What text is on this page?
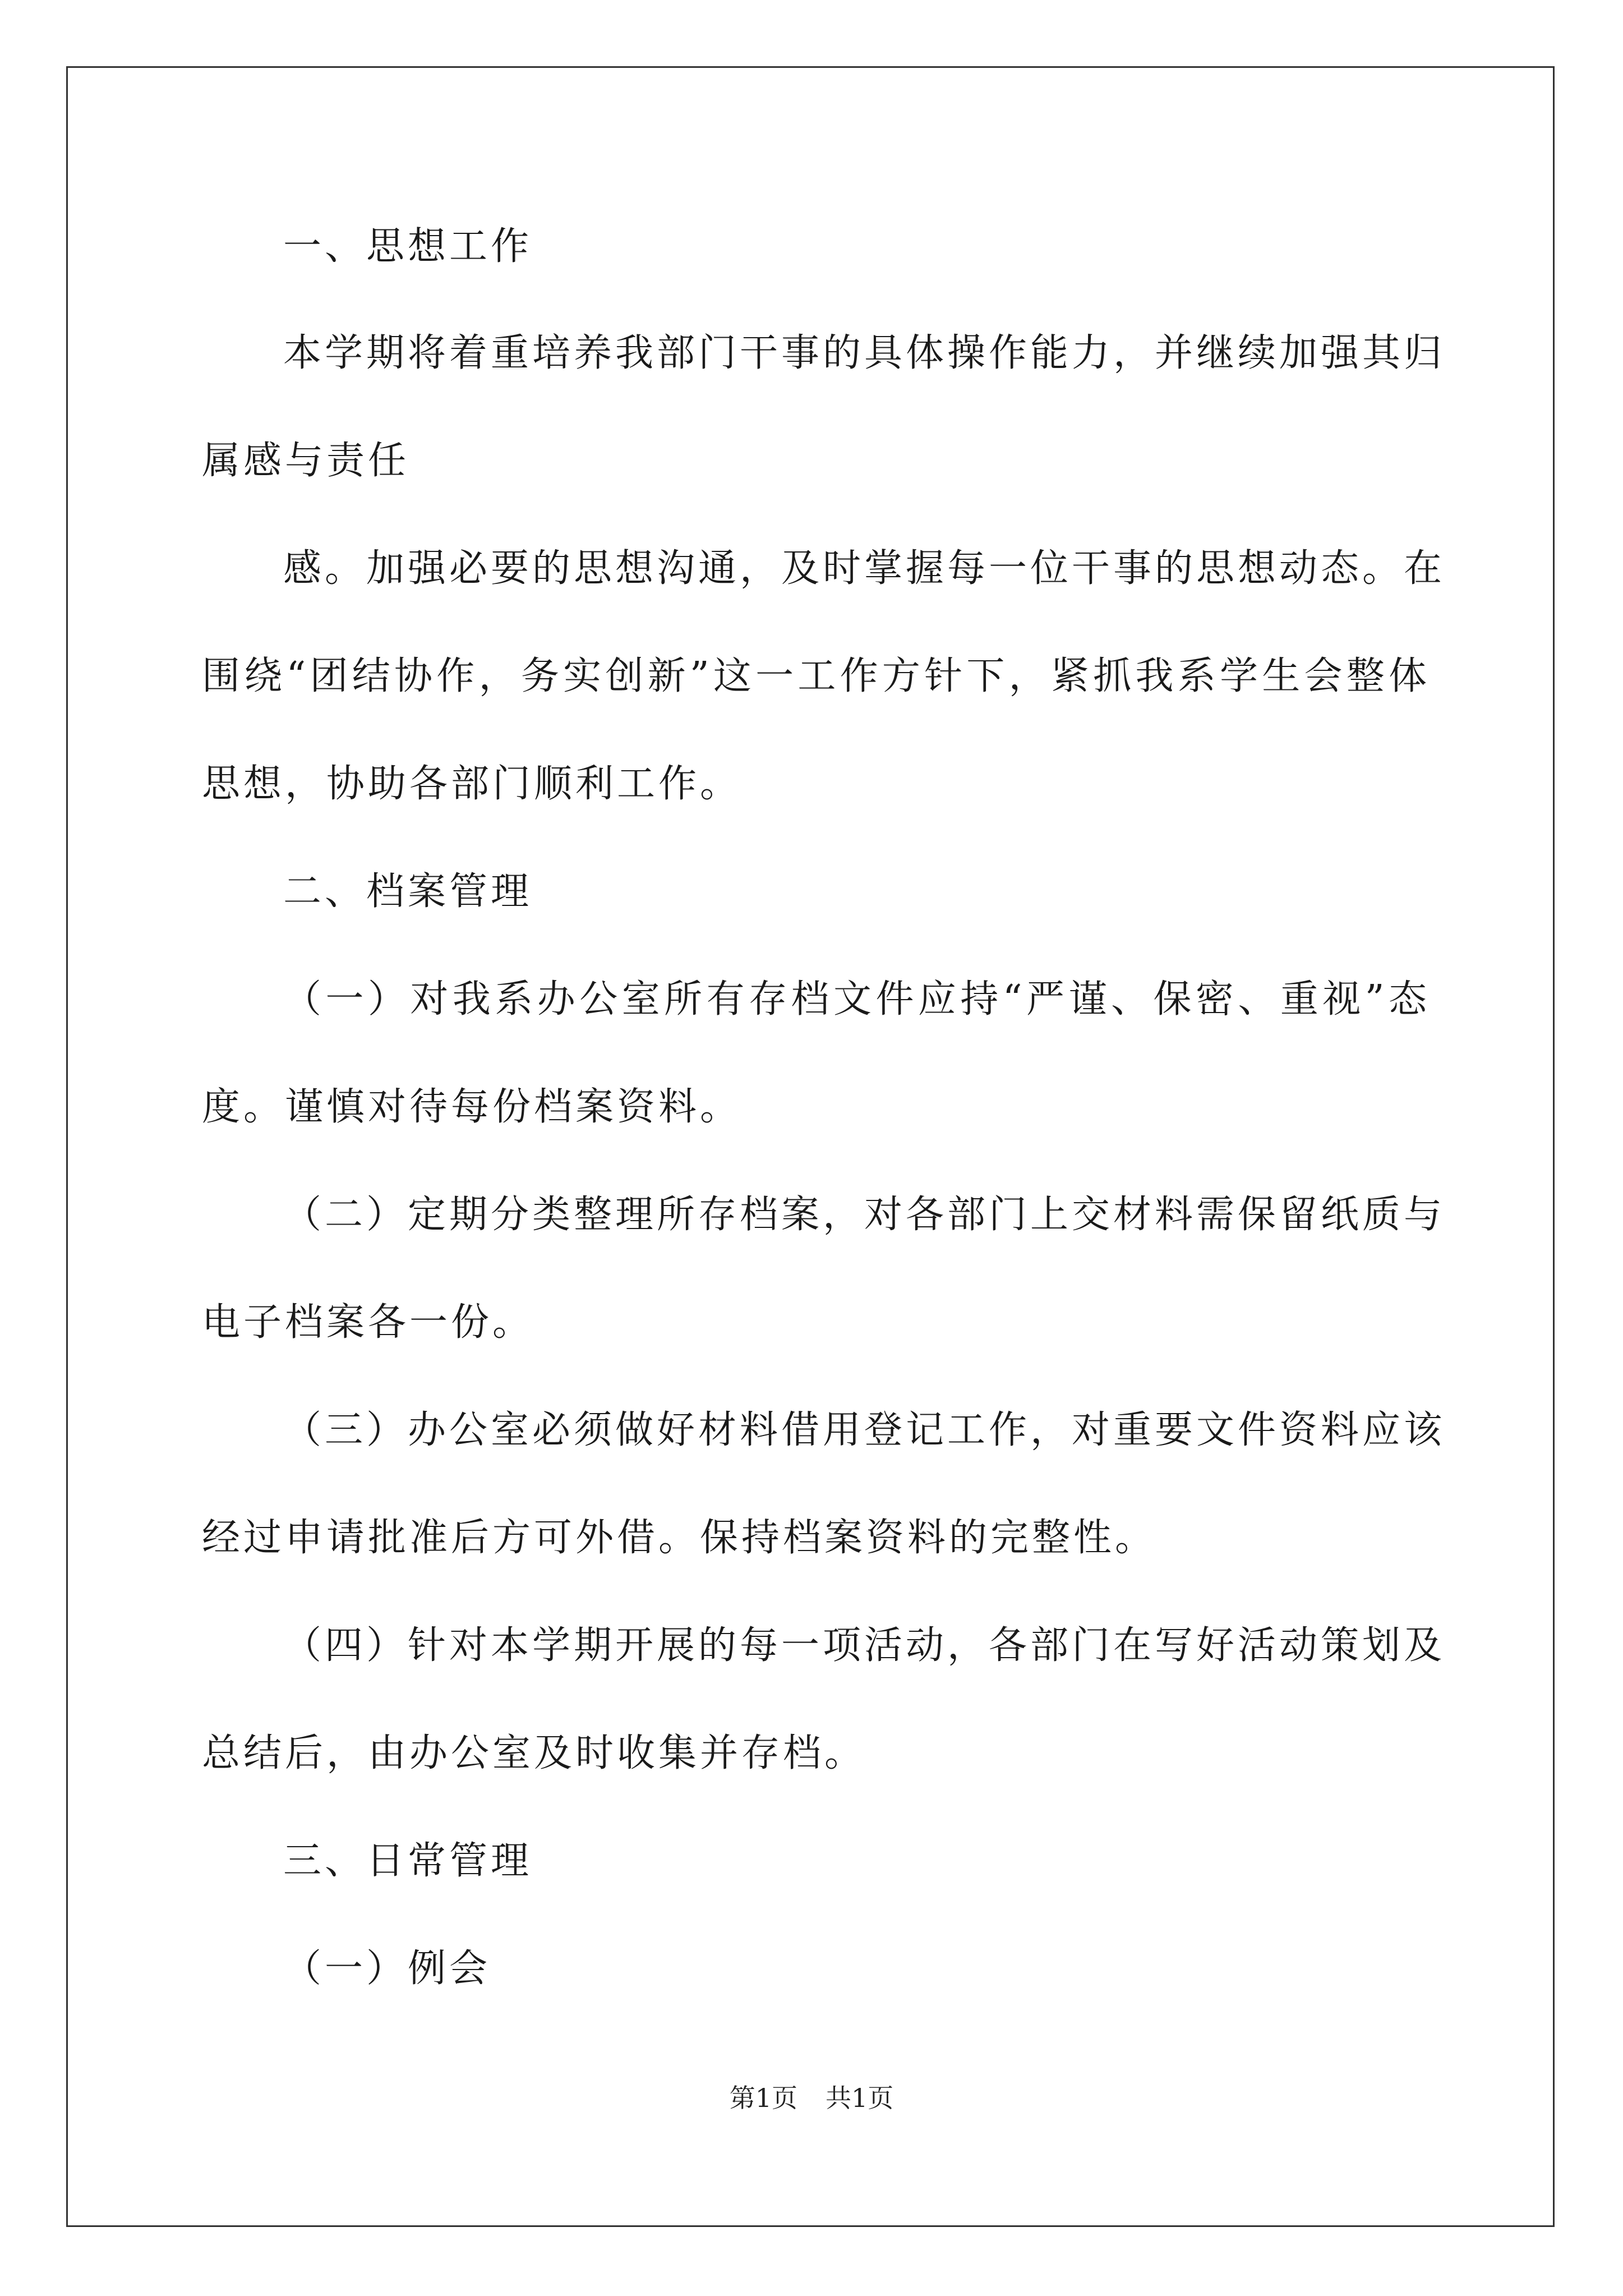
一、思想工作
本学期将着重培养我部门干事的具体操作能力，并继续加强其归
属感与责任
感。加强必要的思想沟通，及时掌握每一位干事的思想动态。在
围绕“团结协作，务实创新”这一工作方针下，紧抓我系学生会整体
思想，协助各部门顺利工作。
二、档案管理
（一）对我系办公室所有存档文件应持“严谨、保密、重视”态
度。谨慎对待每份档案资料。
（二）定期分类整理所存档案，对各部门上交材料需保留纸质与
电子档案各一份。
（三）办公室必须做好材料借用登记工作，对重要文件资料应该
经过申请批准后方可外借。保持档案资料的完整性。
（四）针对本学期开展的每一项活动，各部门在写好活动策划及
总结后，由办公室及时收集并存档。
三、日常管理
（一）例会
第1页 共1页
